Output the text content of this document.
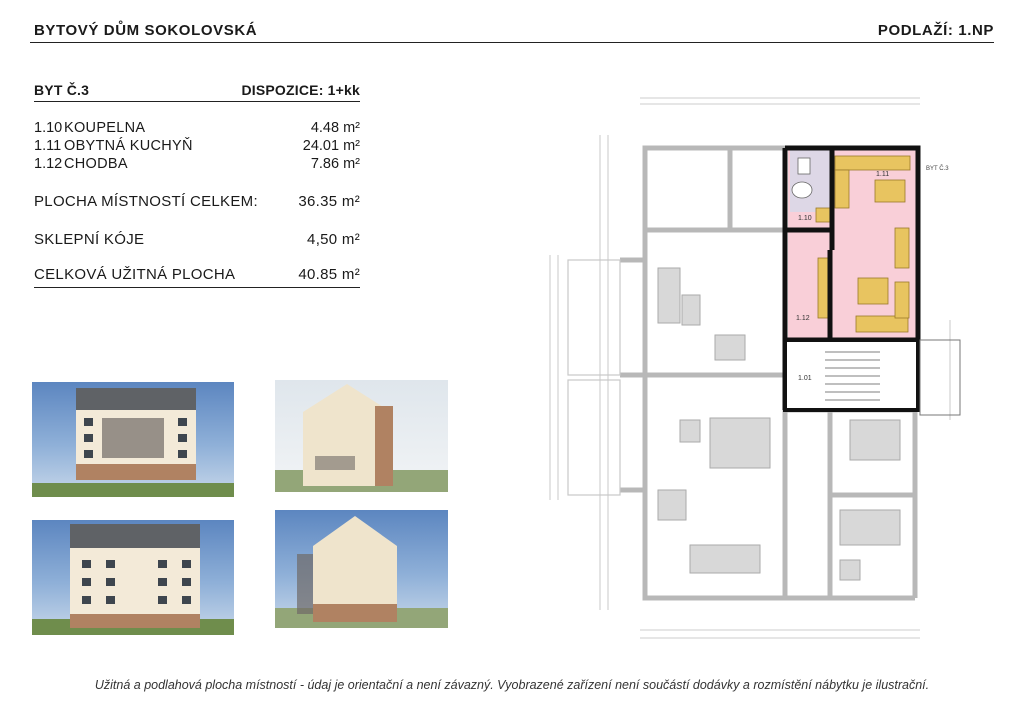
BYTOVÝ DŮM SOKOLOVSKÁ	PODLAŽÍ: 1.NP
BYT Č.3	DISPOZICE: 1+kk
1.10 KOUPELNA	4.48 m²
1.11 OBYTNÁ KUCHYŇ	24.01 m²
1.12 CHODBA	7.86 m²
PLOCHA MÍSTNOSTÍ CELKEM:	36.35 m²
SKLEPNÍ KÓJE	4,50 m²
CELKOVÁ UŽITNÁ PLOCHA	40.85 m²
1.10
1.11
1.12
1.01
BYT Č.3
Užitná a podlahová plocha místností - údaj je orientační a není závazný. Vyobrazené zařízení není součástí dodávky a rozmístění nábytku je ilustrační.
